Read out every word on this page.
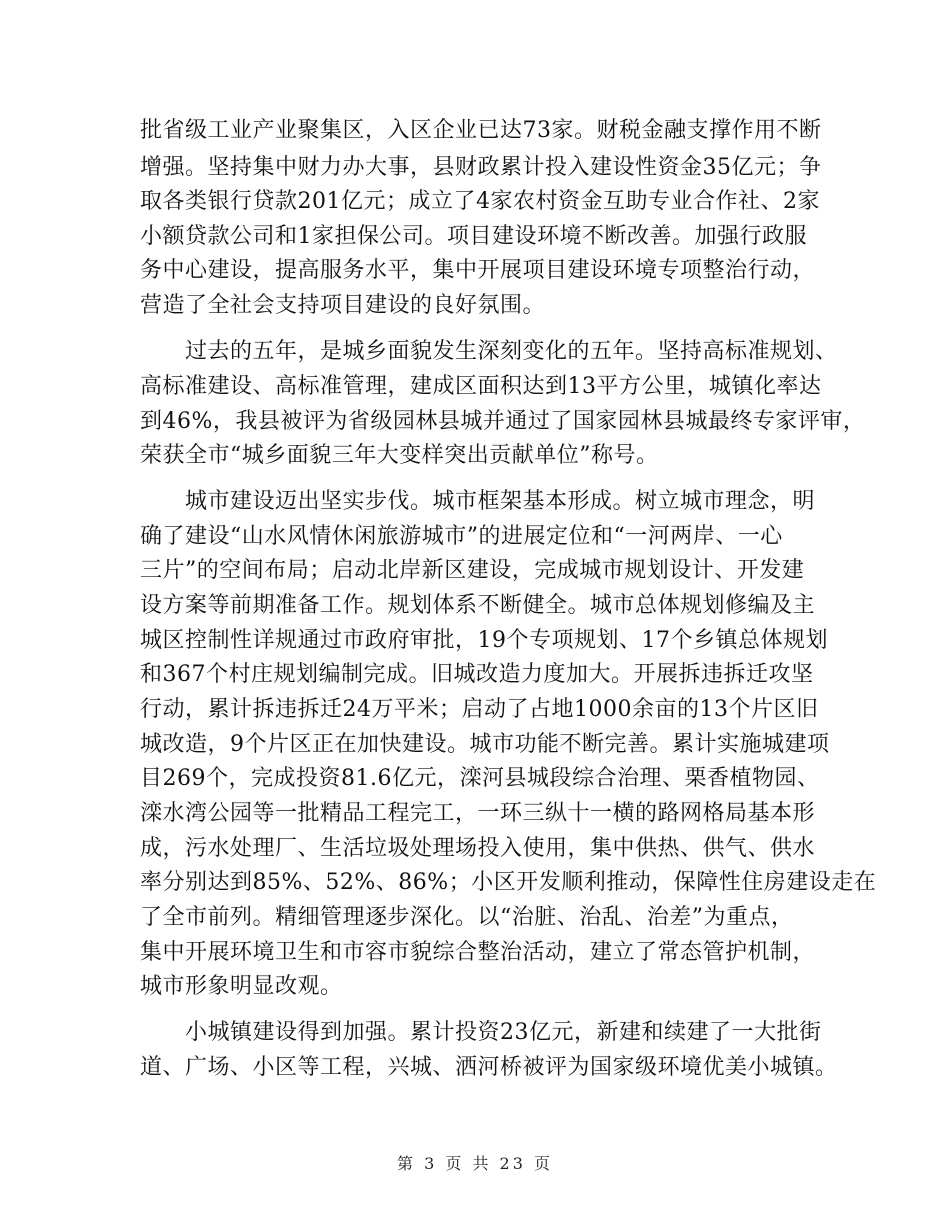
批省级工业产业聚集区，入区企业已达73家。财税金融支撑作用不断
增强。坚持集中财力办大事，县财政累计投入建设性资金35亿元；争
取各类银行贷款201亿元；成立了4家农村资金互助专业合作社、2家
小额贷款公司和1家担保公司。项目建设环境不断改善。加强行政服
务中心建设，提高服务水平，集中开展项目建设环境专项整治行动，
营造了全社会支持项目建设的良好氛围。
　　过去的五年，是城乡面貌发生深刻变化的五年。坚持高标准规划、
高标准建设、高标准管理，建成区面积达到13平方公里，城镇化率达
到46%，我县被评为省级园林县城并通过了国家园林县城最终专家评审，
荣获全市“城乡面貌三年大变样突出贡献单位”称号。
　　城市建设迈出坚实步伐。城市框架基本形成。树立城市理念，明
确了建设“山水风情休闲旅游城市”的进展定位和“一河两岸、一心
三片”的空间布局；启动北岸新区建设，完成城市规划设计、开发建
设方案等前期准备工作。规划体系不断健全。城市总体规划修编及主
城区控制性详规通过市政府审批，19个专项规划、17个乡镇总体规划
和367个村庄规划编制完成。旧城改造力度加大。开展拆违拆迁攻坚
行动，累计拆违拆迁24万平米；启动了占地1000余亩的13个片区旧
城改造，9个片区正在加快建设。城市功能不断完善。累计实施城建项
目269个，完成投资81.6亿元，滦河县城段综合治理、栗香植物园、
滦水湾公园等一批精品工程完工，一环三纵十一横的路网格局基本形
成，污水处理厂、生活垃圾处理场投入使用，集中供热、供气、供水
率分别达到85%、52%、86%；小区开发顺利推动，保障性住房建设走在
了全市前列。精细管理逐步深化。以“治脏、治乱、治差”为重点，
集中开展环境卫生和市容市貌综合整治活动，建立了常态管护机制，
城市形象明显改观。
　　小城镇建设得到加强。累计投资23亿元，新建和续建了一大批街
道、广场、小区等工程，兴城、洒河桥被评为国家级环境优美小城镇。
第 3 页 共 23 页
